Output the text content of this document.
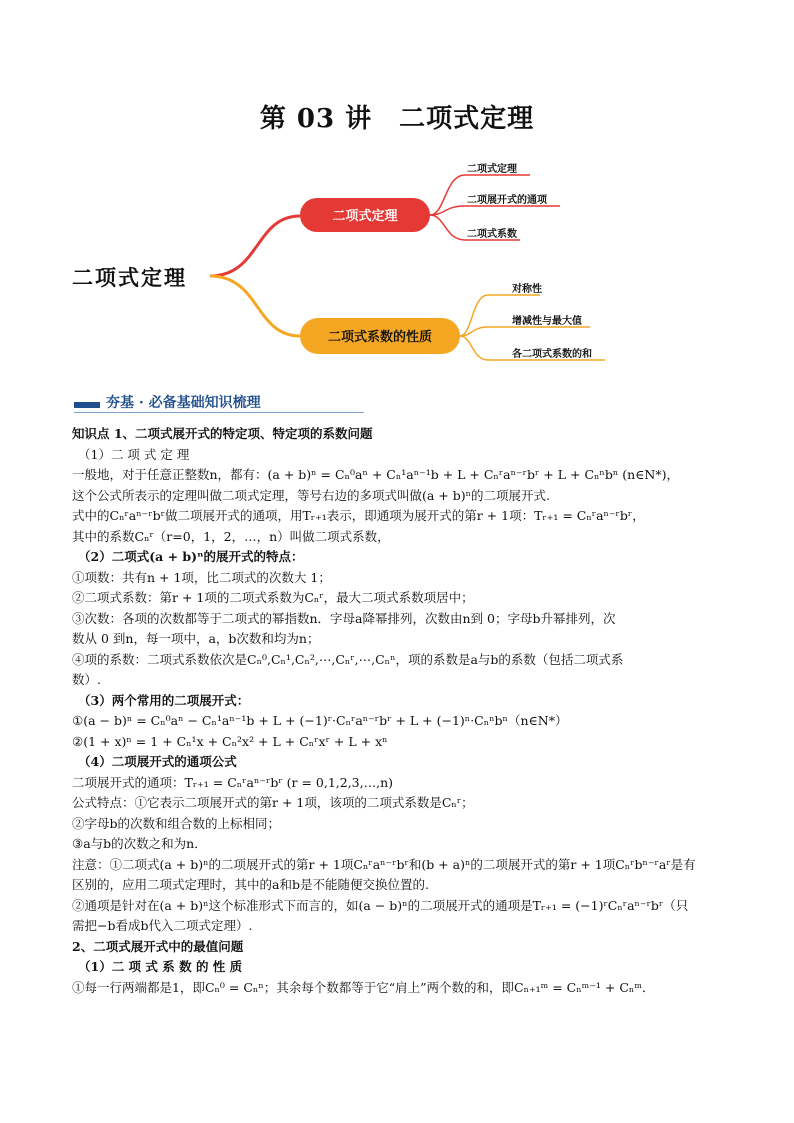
第 03 讲　二项式定理
二项式定理
二项式定理
二项式定理
二项展开式的通项
二项式系数
二项式系数的性质
对称性
增减性与最大值
各二项式系数的和
夯基 · 必备基础知识梳理

知识点 1、二项式展开式的特定项、特定项的系数问题

（1）二 项 式 定 理

一般地，对于任意正整数n，都有：(a + b)ⁿ = Cₙ⁰aⁿ + Cₙ¹aⁿ⁻¹b + L + Cₙʳaⁿ⁻ʳbʳ + L + Cₙⁿbⁿ (n∈N*)，

这个公式所表示的定理叫做二项式定理，等号右边的多项式叫做(a + b)ⁿ的二项展开式.

式中的Cₙʳaⁿ⁻ʳbʳ做二项展开式的通项，用Tᵣ₊₁表示，即通项为展开式的第r + 1项：Tᵣ₊₁ = Cₙʳaⁿ⁻ʳbʳ，

其中的系数Cₙʳ（r=0，1，2，…，n）叫做二项式系数，

（2）二项式(a + b)ⁿ的展开式的特点：

①项数：共有n + 1项，比二项式的次数大 1；

②二项式系数：第r + 1项的二项式系数为Cₙʳ，最大二项式系数项居中；

③次数：各项的次数都等于二项式的幂指数n．字母a降幂排列，次数由n到 0；字母b升幂排列，次

数从 0 到n，每一项中，a，b次数和均为n；

④项的系数：二项式系数依次是Cₙ⁰,Cₙ¹,Cₙ²,⋯,Cₙʳ,⋯,Cₙⁿ，项的系数是a与b的系数（包括二项式系

数）.

（3）两个常用的二项展开式：

①(a − b)ⁿ = Cₙ⁰aⁿ − Cₙ¹aⁿ⁻¹b + L + (−1)ʳ·Cₙʳaⁿ⁻ʳbʳ + L + (−1)ⁿ·Cₙⁿbⁿ（n∈N*）

②(1 + x)ⁿ = 1 + Cₙ¹x + Cₙ²x² + L + Cₙʳxʳ + L + xⁿ

（4）二项展开式的通项公式

二项展开式的通项：Tᵣ₊₁ = Cₙʳaⁿ⁻ʳbʳ (r = 0,1,2,3,…,n)

公式特点：①它表示二项展开式的第r + 1项，该项的二项式系数是Cₙʳ；

②字母b的次数和组合数的上标相同；

③a与b的次数之和为n．

注意：①二项式(a + b)ⁿ的二项展开式的第r + 1项Cₙʳaⁿ⁻ʳbʳ和(b + a)ⁿ的二项展开式的第r + 1项Cₙʳbⁿ⁻ʳaʳ是有

区别的，应用二项式定理时，其中的a和b是不能随便交换位置的.

②通项是针对在(a + b)ⁿ这个标准形式下而言的，如(a − b)ⁿ的二项展开式的通项是Tᵣ₊₁ = (−1)ʳCₙʳaⁿ⁻ʳbʳ（只

需把−b看成b代入二项式定理）.

2、二项式展开式中的最值问题

（1）二 项 式 系 数 的 性 质

①每一行两端都是1，即Cₙ⁰ = Cₙⁿ；其余每个数都等于它“肩上”两个数的和，即Cₙ₊₁ᵐ = Cₙᵐ⁻¹ + Cₙᵐ．
